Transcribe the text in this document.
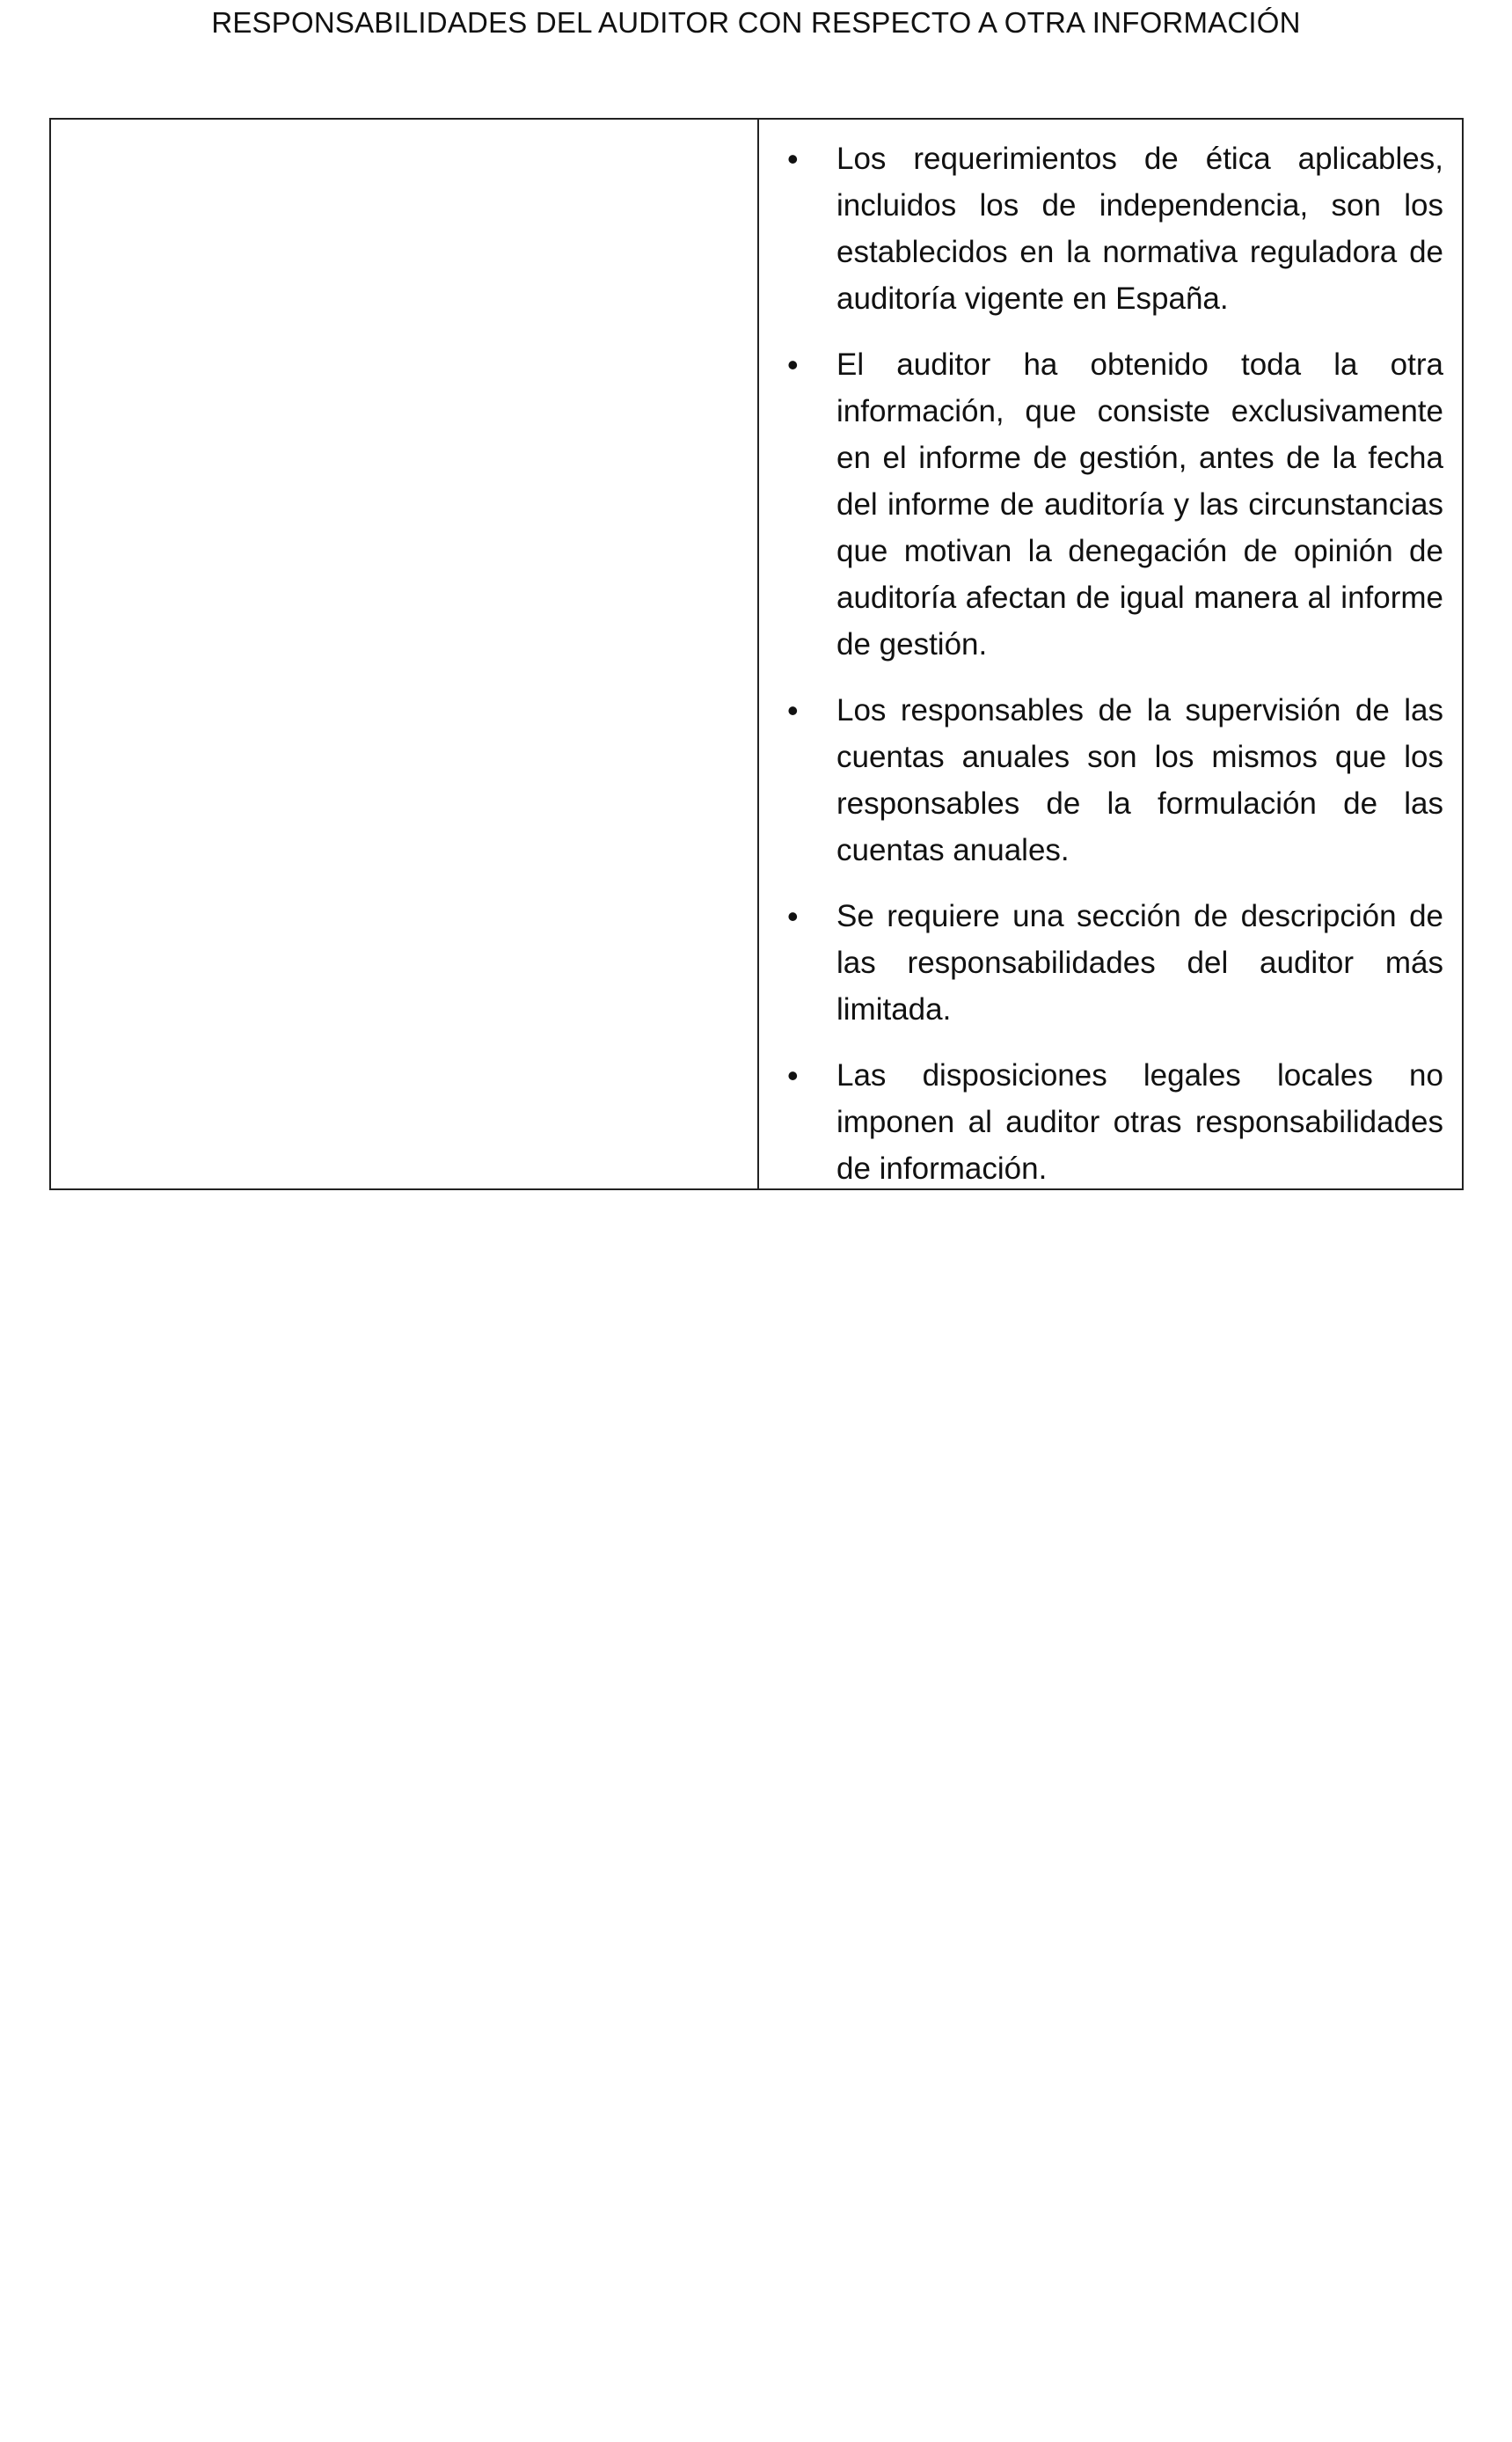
RESPONSABILIDADES DEL AUDITOR CON RESPECTO A OTRA INFORMACIÓN
•	Los requerimientos de ética aplicables, incluidos los de independencia, son los establecidos en la normativa reguladora de auditoría vigente en España.
•	El auditor ha obtenido toda la otra información, que consiste exclusivamente en el informe de gestión, antes de la fecha del informe de auditoría y las circunstancias que motivan la denegación de opinión de auditoría afectan de igual manera al informe de gestión.
•	Los responsables de la supervisión de las cuentas anuales son los mismos que los responsables de la formulación de las cuentas anuales.
•	Se requiere una sección de descripción de las responsabilidades del auditor más limitada.
•	Las disposiciones legales locales no imponen al auditor otras responsabilidades de información.
